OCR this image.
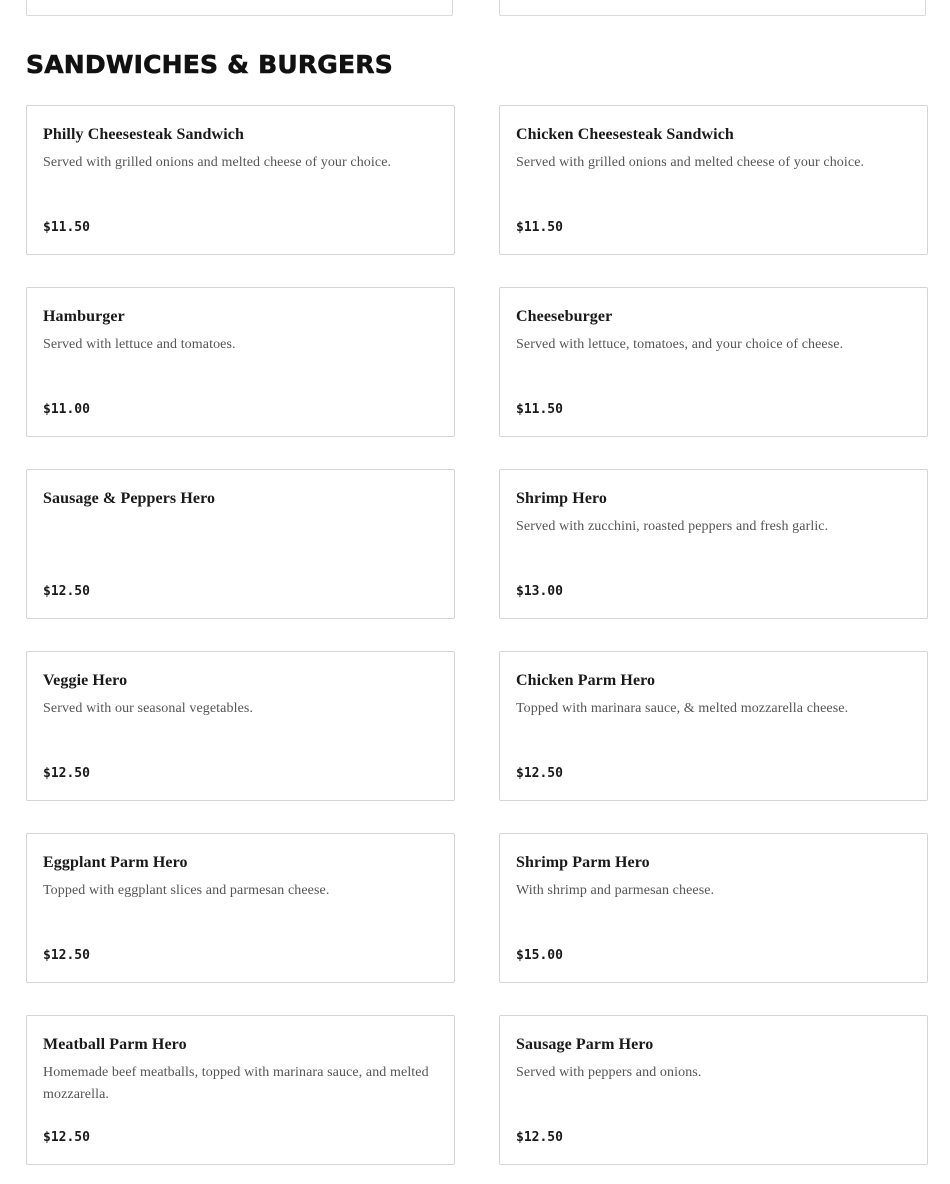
SANDWICHES & BURGERS
Philly Cheesesteak Sandwich

Served with grilled onions and melted cheese of your choice.

$11.50
Chicken Cheesesteak Sandwich

Served with grilled onions and melted cheese of your choice.

$11.50
Hamburger

Served with lettuce and tomatoes.

$11.00
Cheeseburger

Served with lettuce, tomatoes, and your choice of cheese.

$11.50
Sausage & Peppers Hero

$12.50
Shrimp Hero

Served with zucchini, roasted peppers and fresh garlic.

$13.00
Veggie Hero

Served with our seasonal vegetables.

$12.50
Chicken Parm Hero

Topped with marinara sauce, & melted mozzarella cheese.

$12.50
Eggplant Parm Hero

Topped with eggplant slices and parmesan cheese.

$12.50
Shrimp Parm Hero

With shrimp and parmesan cheese.

$15.00
Meatball Parm Hero

Homemade beef meatballs, topped with marinara sauce, and melted mozzarella.

$12.50
Sausage Parm Hero

Served with peppers and onions.

$12.50
